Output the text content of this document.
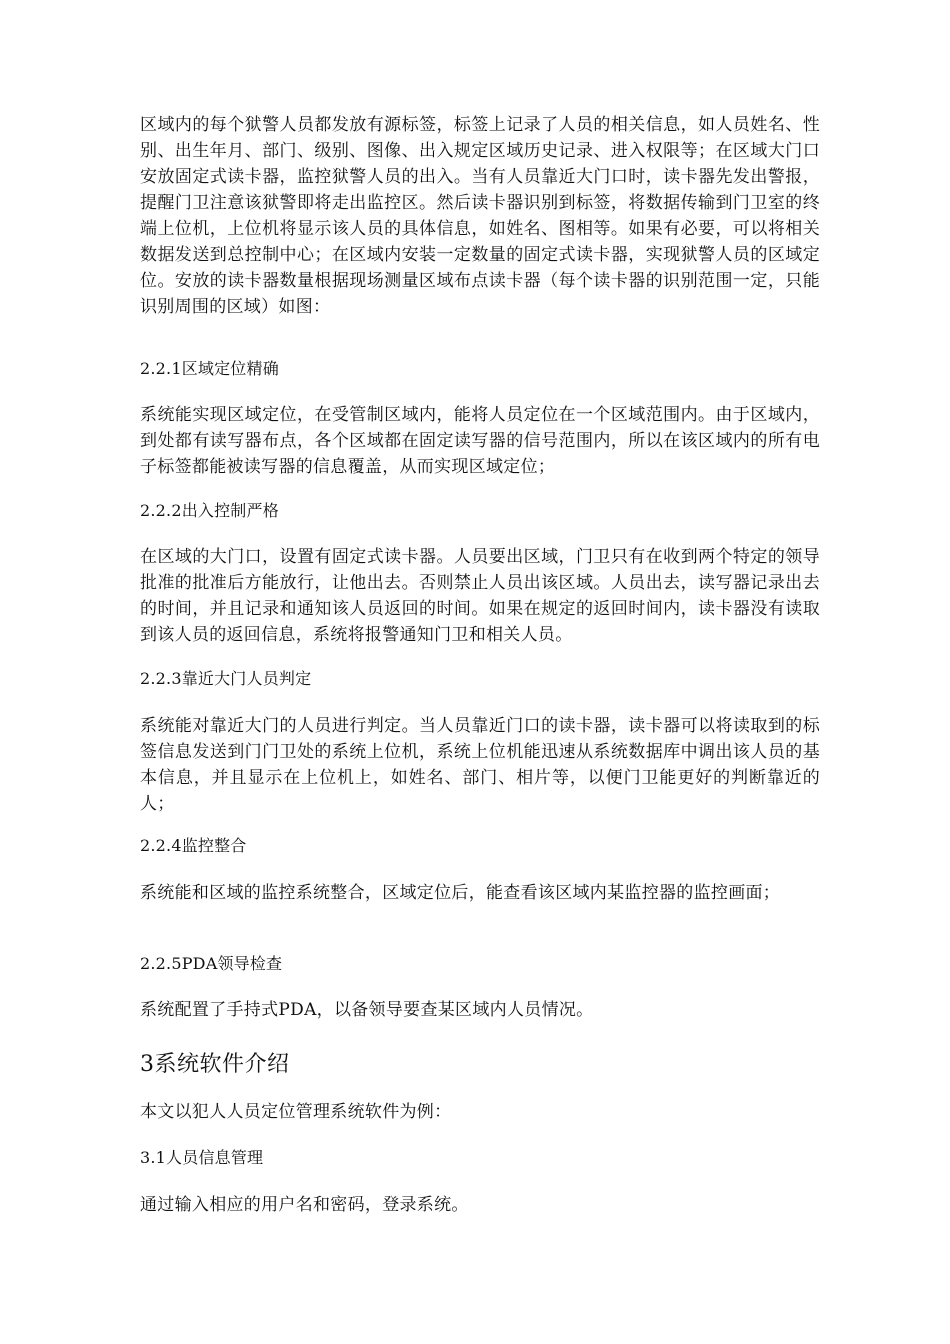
区域内的每个狱警人员都发放有源标签，标签上记录了人员的相关信息，如人员姓名、性别、出生年月、部门、级别、图像、出入规定区域历史记录、进入权限等；在区域大门口安放固定式读卡器，监控狱警人员的出入。当有人员靠近大门口时，读卡器先发出警报，提醒门卫注意该狱警即将走出监控区。然后读卡器识别到标签，将数据传输到门卫室的终端上位机，上位机将显示该人员的具体信息，如姓名、图相等。如果有必要，可以将相关数据发送到总控制中心；在区域内安装一定数量的固定式读卡器，实现狱警人员的区域定位。安放的读卡器数量根据现场测量区域布点读卡器（每个读卡器的识别范围一定，只能识别周围的区域）如图：

2.2.1区域定位精确

系统能实现区域定位，在受管制区域内，能将人员定位在一个区域范围内。由于区域内，到处都有读写器布点，各个区域都在固定读写器的信号范围内，所以在该区域内的所有电子标签都能被读写器的信息覆盖，从而实现区域定位；

2.2.2出入控制严格

在区域的大门口，设置有固定式读卡器。人员要出区域，门卫只有在收到两个特定的领导批准的批准后方能放行，让他出去。否则禁止人员出该区域。人员出去，读写器记录出去的时间，并且记录和通知该人员返回的时间。如果在规定的返回时间内，读卡器没有读取到该人员的返回信息，系统将报警通知门卫和相关人员。

2.2.3靠近大门人员判定

系统能对靠近大门的人员进行判定。当人员靠近门口的读卡器，读卡器可以将读取到的标签信息发送到门门卫处的系统上位机，系统上位机能迅速从系统数据库中调出该人员的基本信息，并且显示在上位机上，如姓名、部门、相片等，以便门卫能更好的判断靠近的人；

2.2.4监控整合

系统能和区域的监控系统整合，区域定位后，能查看该区域内某监控器的监控画面；

2.2.5PDA领导检查

系统配置了手持式PDA，以备领导要查某区域内人员情况。

3系统软件介绍

本文以犯人人员定位管理系统软件为例：

3.1人员信息管理

通过输入相应的用户名和密码，登录系统。
